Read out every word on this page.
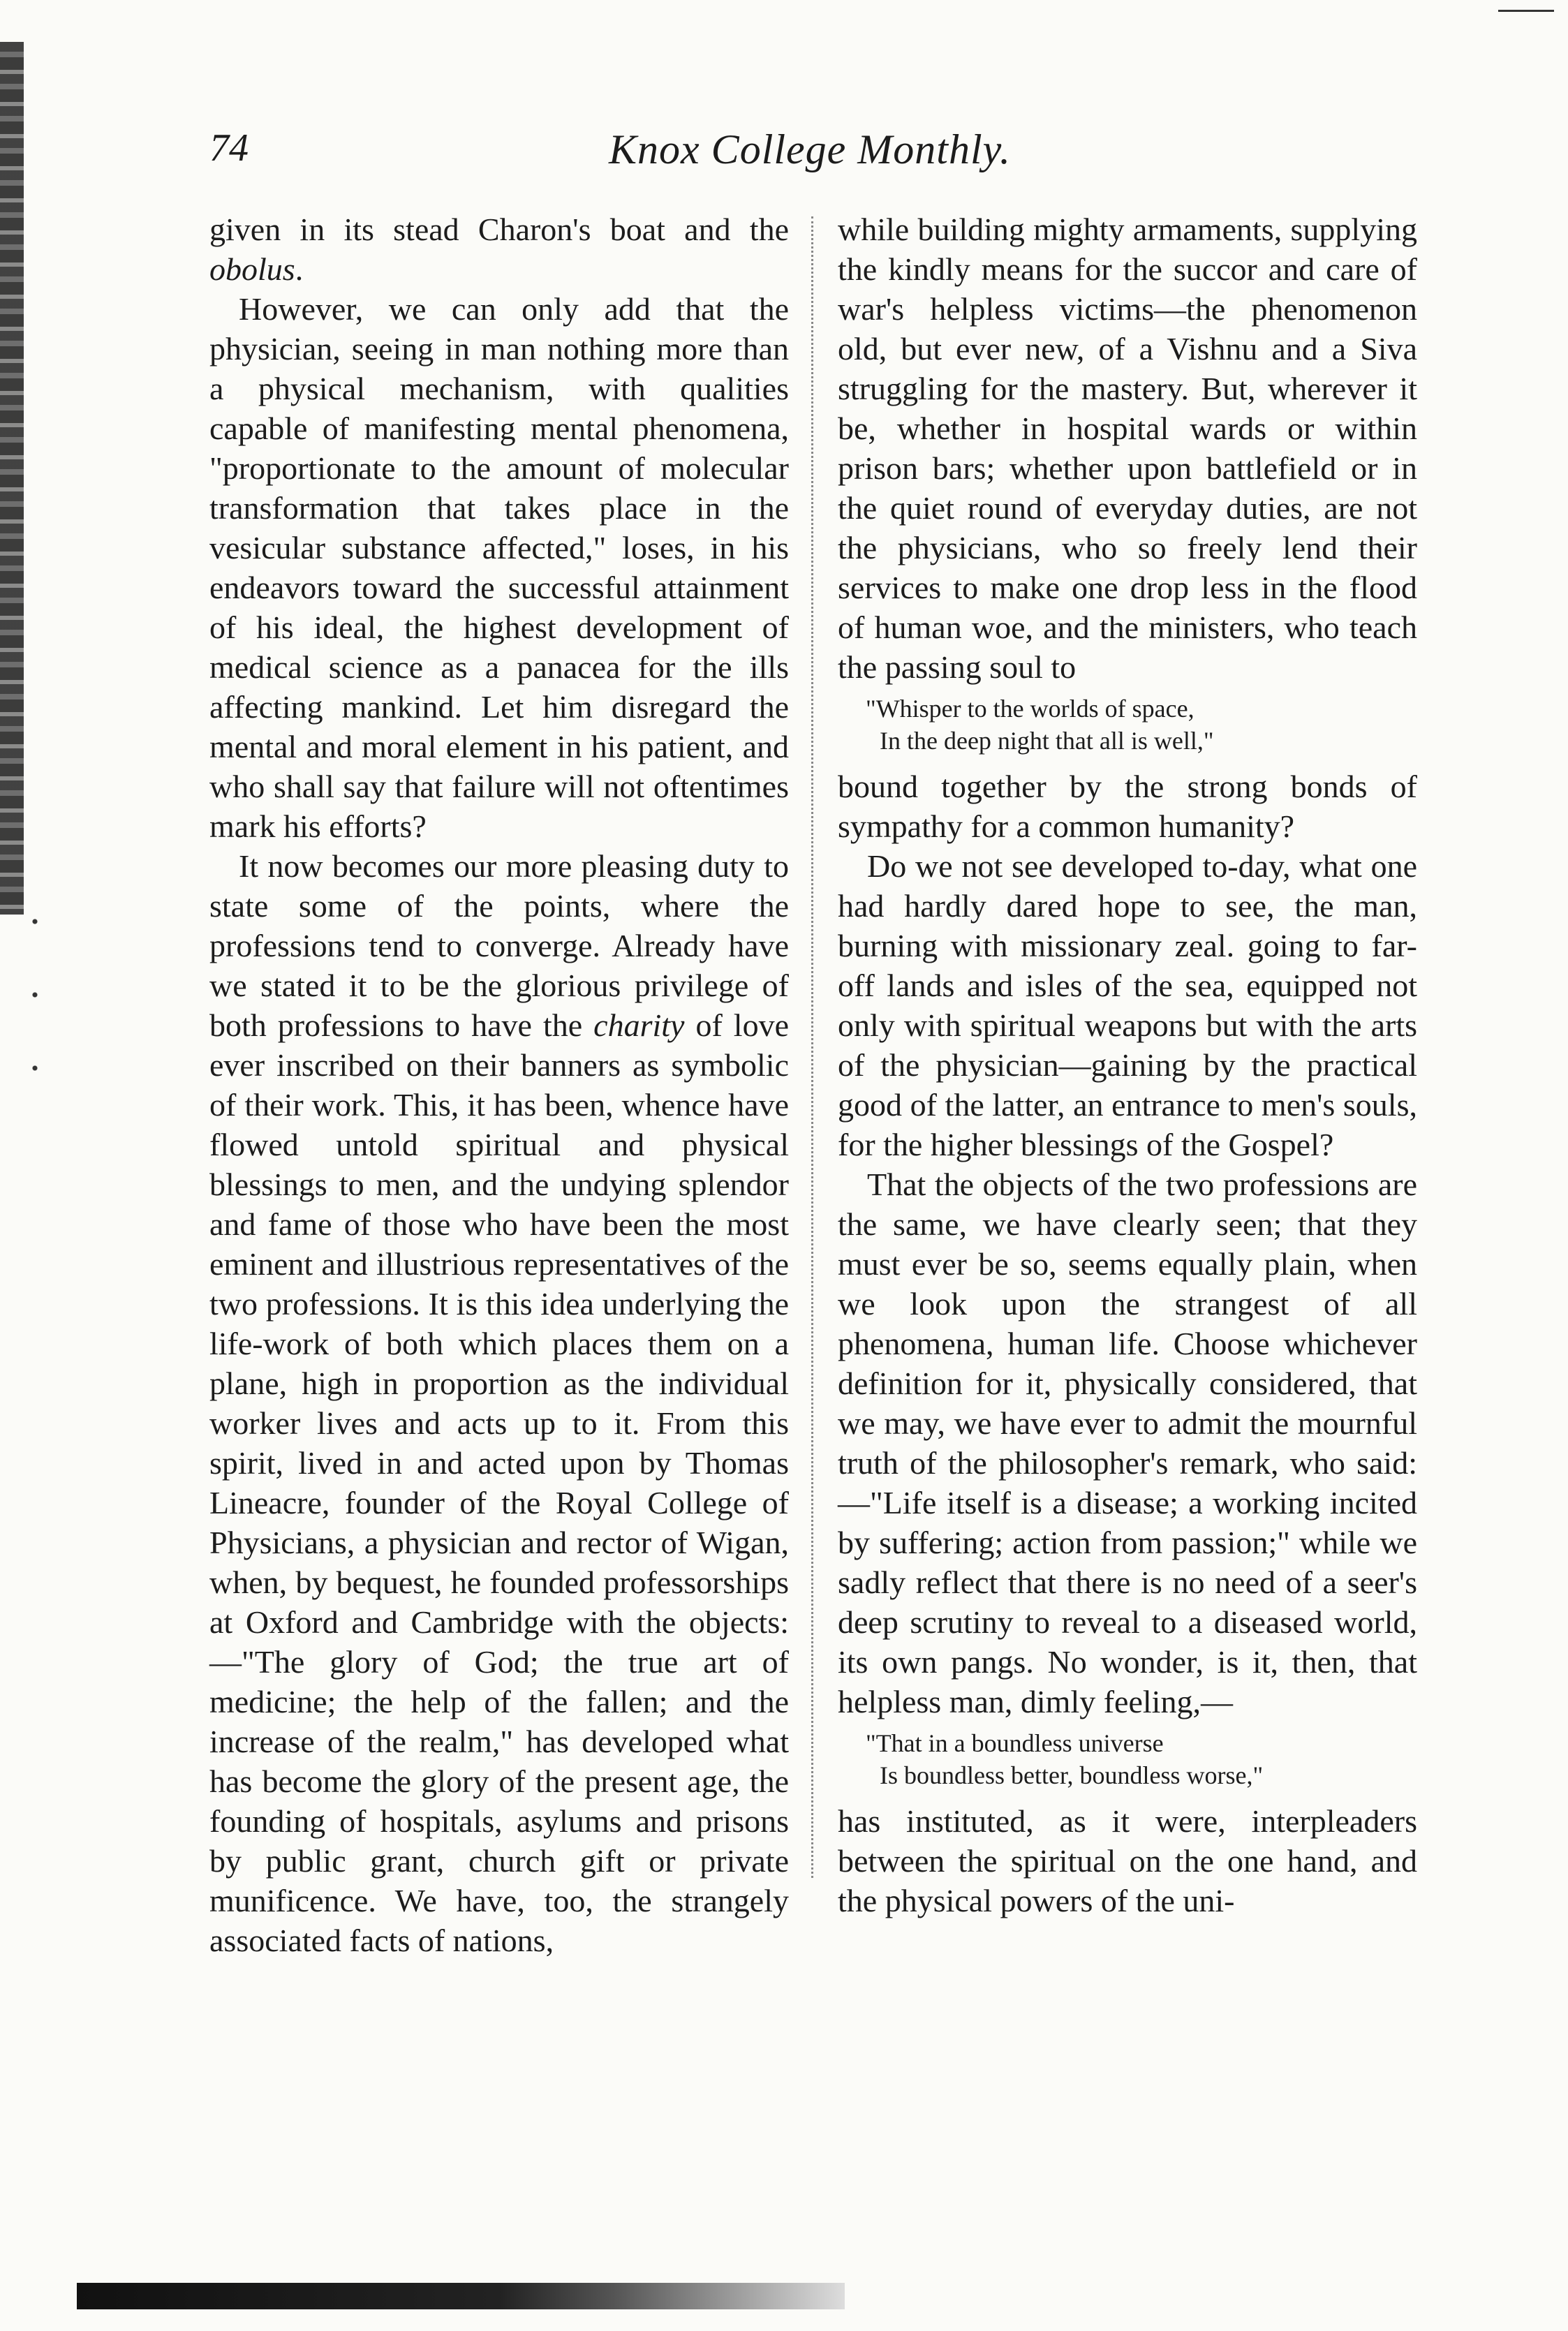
74	Knox College Monthly.

given in its stead Charon's boat and the obolus.

However, we can only add that the physician, seeing in man nothing more than a physical mechanism, with qualities capable of manifesting mental phenomena, "proportionate to the amount of molecular transformation that takes place in the vesicular substance affected," loses, in his endeavors toward the successful attainment of his ideal, the highest development of medical science as a panacea for the ills affecting mankind. Let him disregard the mental and moral element in his patient, and who shall say that failure will not oftentimes mark his efforts?

It now becomes our more pleasing duty to state some of the points, where the professions tend to converge. Already have we stated it to be the glorious privilege of both professions to have the charity of love ever inscribed on their banners as symbolic of their work. This, it has been, whence have flowed untold spiritual and physical blessings to men, and the undying splendor and fame of those who have been the most eminent and illustrious representatives of the two professions. It is this idea underlying the life-work of both which places them on a plane, high in proportion as the individual worker lives and acts up to it. From this spirit, lived in and acted upon by Thomas Lineacre, founder of the Royal College of Physicians, a physician and rector of Wigan, when, by bequest, he founded professorships at Oxford and Cambridge with the objects:—"The glory of God; the true art of medicine; the help of the fallen; and the increase of the realm," has developed what has become the glory of the present age, the founding of hospitals, asylums and prisons by public grant, church gift or private munificence. We have, too, the strangely associated facts of nations,

while building mighty armaments, supplying the kindly means for the succor and care of war's helpless victims—the phenomenon old, but ever new, of a Vishnu and a Siva struggling for the mastery. But, wherever it be, whether in hospital wards or within prison bars; whether upon battlefield or in the quiet round of everyday duties, are not the physicians, who so freely lend their services to make one drop less in the flood of human woe, and the ministers, who teach the passing soul to

"Whisper to the worlds of space,
In the deep night that all is well,"

bound together by the strong bonds of sympathy for a common humanity?

Do we not see developed to-day, what one had hardly dared hope to see, the man, burning with missionary zeal. going to far-off lands and isles of the sea, equipped not only with spiritual weapons but with the arts of the physician—gaining by the practical good of the latter, an entrance to men's souls, for the higher blessings of the Gospel?

That the objects of the two professions are the same, we have clearly seen; that they must ever be so, seems equally plain, when we look upon the strangest of all phenomena, human life. Choose whichever definition for it, physically considered, that we may, we have ever to admit the mournful truth of the philosopher's remark, who said:—"Life itself is a disease; a working incited by suffering; action from passion;" while we sadly reflect that there is no need of a seer's deep scrutiny to reveal to a diseased world, its own pangs. No wonder, is it, then, that helpless man, dimly feeling,—

"That in a boundless universe
Is boundless better, boundless worse,"

has instituted, as it were, interpleaders between the spiritual on the one hand, and the physical powers of the uni-
